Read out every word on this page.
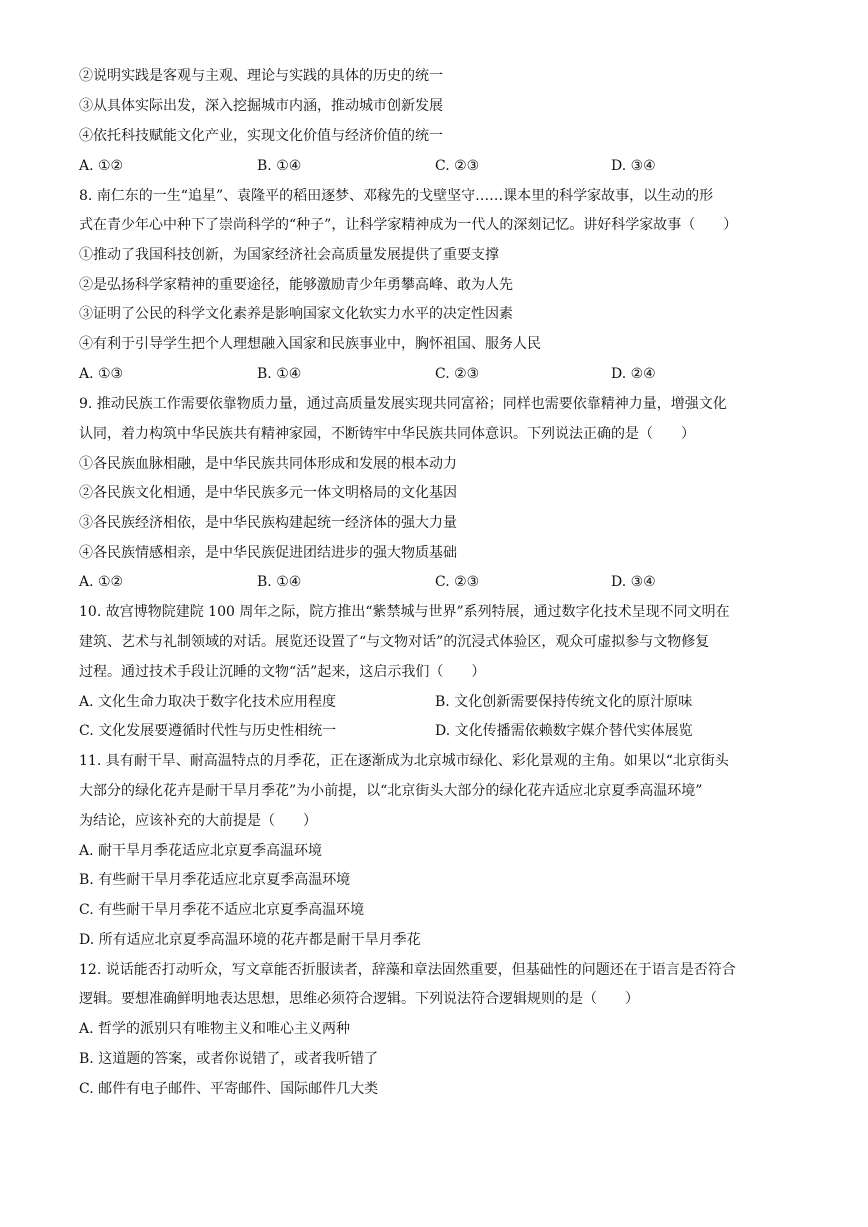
②说明实践是客观与主观、理论与实践的具体的历史的统一
③从具体实际出发，深入挖掘城市内涵，推动城市创新发展
④依托科技赋能文化产业，实现文化价值与经济价值的统一
A. ①②	B. ①④	C. ②③	D. ③④
8. 南仁东的一生“追星”、袁隆平的稻田逐梦、邓稼先的戈壁坚守……课本里的科学家故事，以生动的形
式在青少年心中种下了崇尚科学的“种子”，让科学家精神成为一代人的深刻记忆。讲好科学家故事（　　）
①推动了我国科技创新，为国家经济社会高质量发展提供了重要支撑
②是弘扬科学家精神的重要途径，能够激励青少年勇攀高峰、敢为人先
③证明了公民的科学文化素养是影响国家文化软实力水平的决定性因素
④有利于引导学生把个人理想融入国家和民族事业中，胸怀祖国、服务人民
A. ①③	B. ①④	C. ②③	D. ②④
9. 推动民族工作需要依靠物质力量，通过高质量发展实现共同富裕；同样也需要依靠精神力量，增强文化
认同，着力构筑中华民族共有精神家园，不断铸牢中华民族共同体意识。下列说法正确的是（　　）
①各民族血脉相融，是中华民族共同体形成和发展的根本动力
②各民族文化相通，是中华民族多元一体文明格局的文化基因
③各民族经济相依，是中华民族构建起统一经济体的强大力量
④各民族情感相亲，是中华民族促进团结进步的强大物质基础
A. ①②	B. ①④	C. ②③	D. ③④
10. 故宫博物院建院 100 周年之际，院方推出“紫禁城与世界”系列特展，通过数字化技术呈现不同文明在
建筑、艺术与礼制领域的对话。展览还设置了“与文物对话”的沉浸式体验区，观众可虚拟参与文物修复
过程。通过技术手段让沉睡的文物“活”起来，这启示我们（　　）
A. 文化生命力取决于数字化技术应用程度	B. 文化创新需要保持传统文化的原汁原味
C. 文化发展要遵循时代性与历史性相统一	D. 文化传播需依赖数字媒介替代实体展览
11. 具有耐干旱、耐高温特点的月季花，正在逐渐成为北京城市绿化、彩化景观的主角。如果以“北京街头
大部分的绿化花卉是耐干旱月季花”为小前提，以“北京街头大部分的绿化花卉适应北京夏季高温环境”
为结论，应该补充的大前提是（　　）
A. 耐干旱月季花适应北京夏季高温环境
B. 有些耐干旱月季花适应北京夏季高温环境
C. 有些耐干旱月季花不适应北京夏季高温环境
D. 所有适应北京夏季高温环境的花卉都是耐干旱月季花
12. 说话能否打动听众，写文章能否折服读者，辞藻和章法固然重要，但基础性的问题还在于语言是否符合
逻辑。要想准确鲜明地表达思想，思维必须符合逻辑。下列说法符合逻辑规则的是（　　）
A. 哲学的派别只有唯物主义和唯心主义两种
B. 这道题的答案，或者你说错了，或者我听错了
C. 邮件有电子邮件、平寄邮件、国际邮件几大类
